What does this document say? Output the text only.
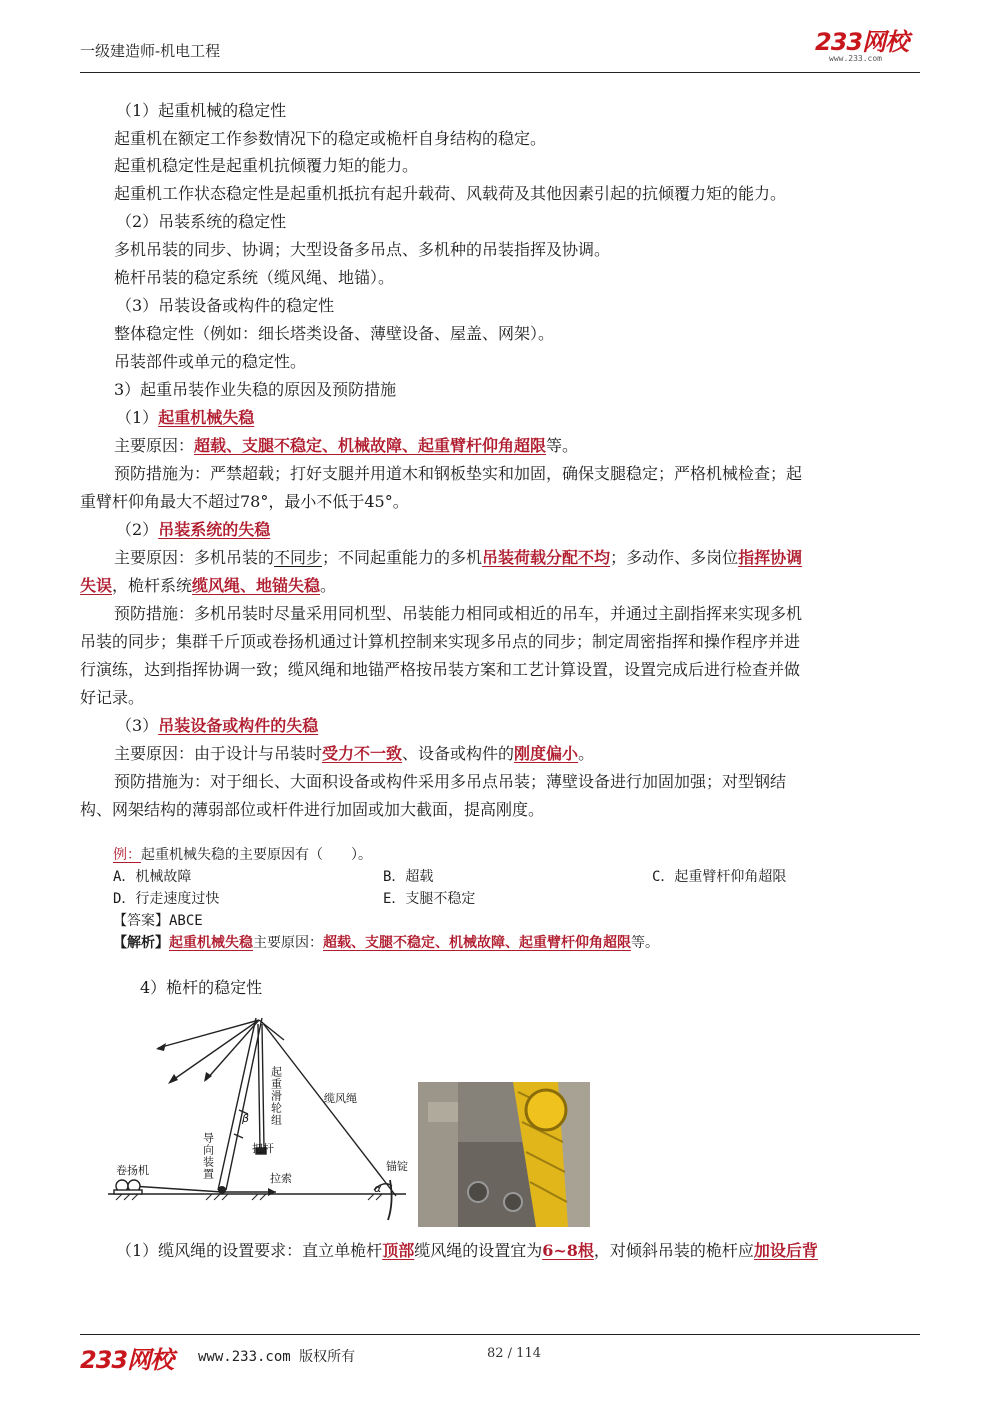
一级建造师-机电工程	233网校
www.233.com
（1）起重机械的稳定性
起重机在额定工作参数情况下的稳定或桅杆自身结构的稳定。
起重机稳定性是起重机抗倾覆力矩的能力。
起重机工作状态稳定性是起重机抵抗有起升载荷、风载荷及其他因素引起的抗倾覆力矩的能力。
（2）吊装系统的稳定性
多机吊装的同步、协调；大型设备多吊点、多机种的吊装指挥及协调。
桅杆吊装的稳定系统（缆风绳、地锚）。
（3）吊装设备或构件的稳定性
整体稳定性（例如：细长塔类设备、薄壁设备、屋盖、网架）。
吊装部件或单元的稳定性。
3）起重吊装作业失稳的原因及预防措施
（1）起重机械失稳
主要原因：超载、支腿不稳定、机械故障、起重臂杆仰角超限等。
预防措施为：严禁超载；打好支腿并用道木和钢板垫实和加固，确保支腿稳定；严格机械检查；起
重臂杆仰角最大不超过78°，最小不低于45°。
（2）吊装系统的失稳
主要原因：多机吊装的不同步；不同起重能力的多机吊装荷载分配不均；多动作、多岗位指挥协调
失误，桅杆系统缆风绳、地锚失稳。
预防措施：多机吊装时尽量采用同机型、吊装能力相同或相近的吊车，并通过主副指挥来实现多机
吊装的同步；集群千斤顶或卷扬机通过计算机控制来实现多吊点的同步；制定周密指挥和操作程序并进
行演练，达到指挥协调一致；缆风绳和地锚严格按吊装方案和工艺计算设置，设置完成后进行检查并做
好记录。
（3）吊装设备或构件的失稳
主要原因：由于设计与吊装时受力不一致、设备或构件的刚度偏小。
预防措施为：对于细长、大面积设备或构件采用多吊点吊装；薄壁设备进行加固加强；对型钢结
构、网架结构的薄弱部位或杆件进行加固或加大截面，提高刚度。
例：起重机械失稳的主要原因有（　　）。
A．机械故障	B．超载	C．起重臂杆仰角超限
D．行走速度过快	E．支腿不稳定
【答案】ABCE
【解析】起重机械失稳主要原因：超载、支腿不稳定、机械故障、起重臂杆仰角超限等。
4）桅杆的稳定性
起重滑轮组	缆风绳
导向装置	把杆
卷扬机
拉索
锚锭
α
β
（1）缆风绳的设置要求：直立单桅杆顶部缆风绳的设置宜为6~8根，对倾斜吊装的桅杆应加设后背
233网校 www.233.com 版权所有	82 / 114
